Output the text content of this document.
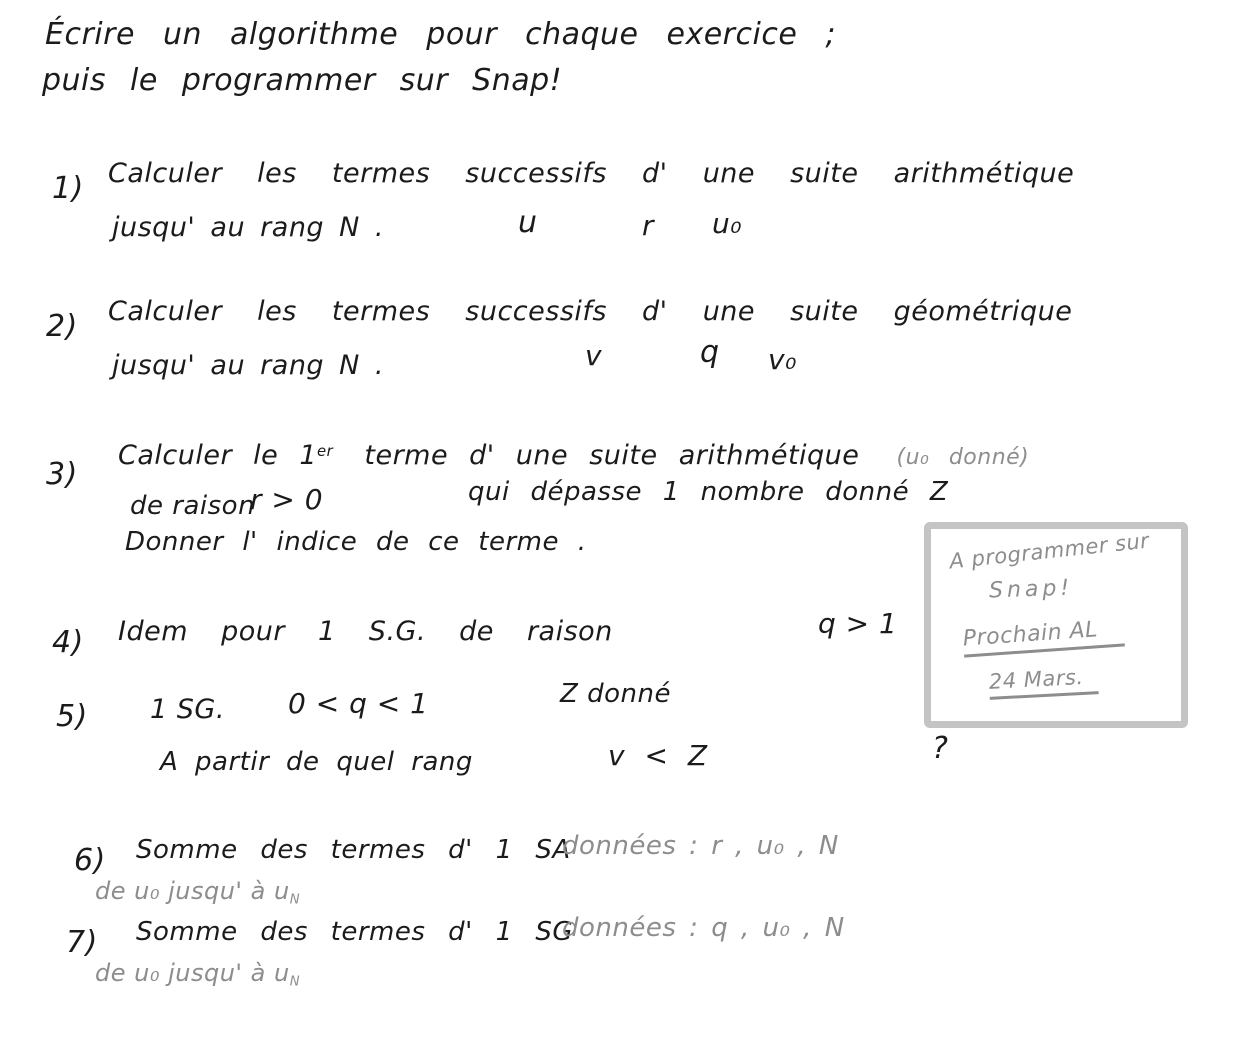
Écrire un algorithme pour chaque exercice ;
puis le programmer sur Snap!
1) Calculer les termes successifs d' une suite arithmétique
jusqu' au rang N .	u	r u₀
2) Calculer les termes successifs d' une suite géométrique
jusqu' au rang N .	v	q v₀
3)
Calculer le 1er terme d' une suite arithmétique (u₀ donné)
de raison
r > 0	qui dépasse 1 nombre donné Z
Donner l' indice de ce terme .
4) Idem pour 1 S.G. de raison	q > 1
5) 1 SG. 0 < q < 1	Z donné
A partir de quel rang	v < Z	?
6) Somme des termes d' 1 SA
données : r , u₀ , N
de u₀ jusqu' à $u_N$
7) Somme des termes d' 1 SG
données : q , u₀ , N
de u₀ jusqu' à $u_N$
A programmer sur
Snap!
Prochain AL
24 Mars.
